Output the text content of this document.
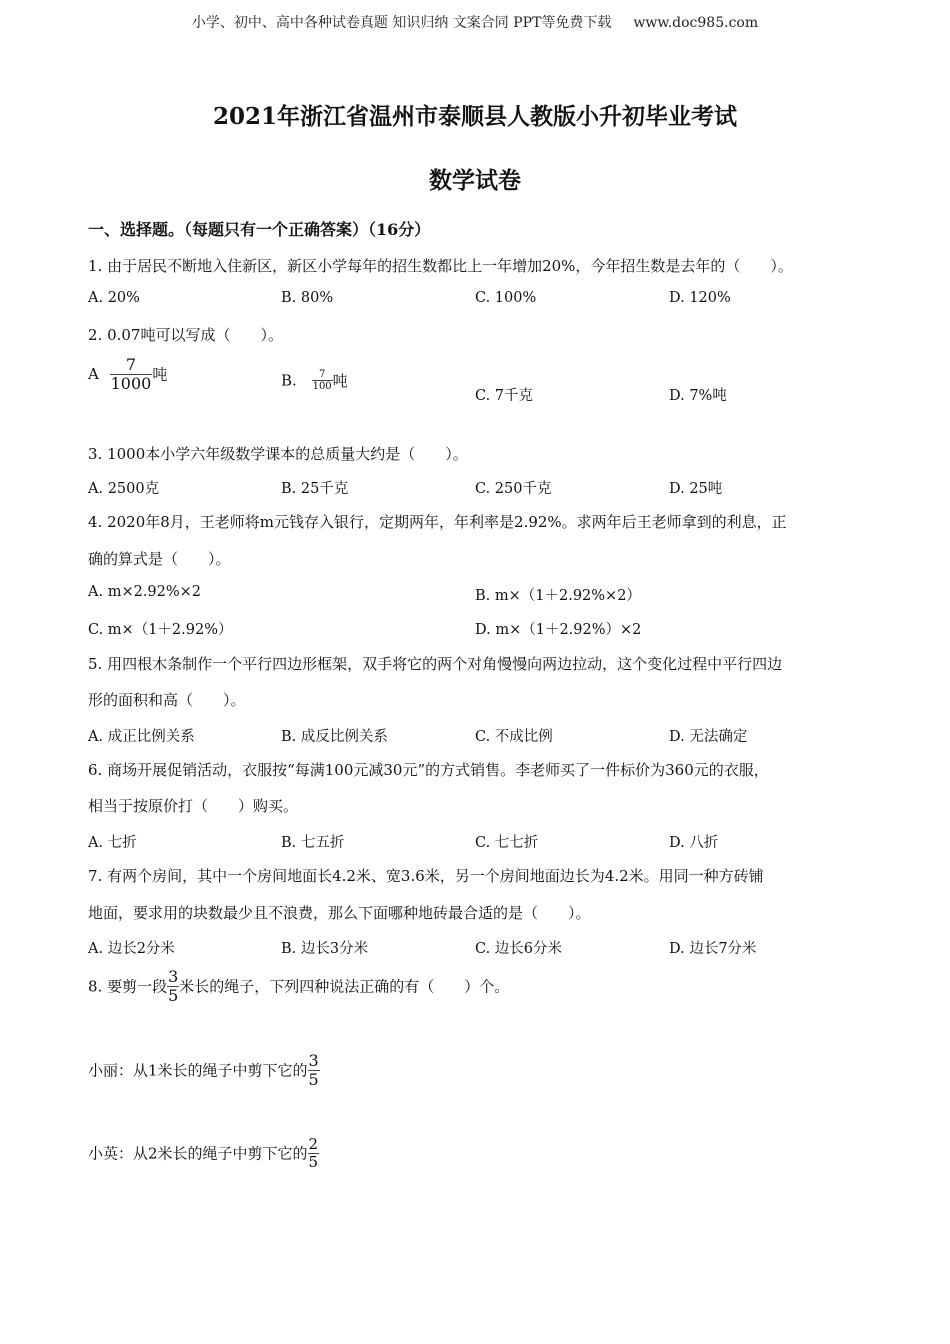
小学、初中、高中各种试卷真题 知识归纳 文案合同 PPT等免费下载 www.doc985.com
2021年浙江省温州市泰顺县人教版小升初毕业考试
数学试卷
一、选择题。（每题只有一个正确答案）（16分）
1. 由于居民不断地入住新区，新区小学每年的招生数都比上一年增加20%，今年招生数是去年的（　　）。
A. 20%	B. 80%	C. 100%	D. 120%
2. 0.07吨可以写成（　　）。
A $\frac{7}{1000}$ 吨	B. $\frac{7}{100}$ 吨
C. 7千克	D. 7%吨
3. 1000本小学六年级数学课本的总质量大约是（　　）。
A. 2500克	B. 25千克	C. 250千克	D. 25吨
4. 2020年8月，王老师将m元钱存入银行，定期两年，年利率是2.92%。求两年后王老师拿到的利息，正
确的算式是（　　）。
A. m×2.92%×2	B. m×（1＋2.92%×2）
C. m×（1＋2.92%）	D. m×（1＋2.92%）×2
5. 用四根木条制作一个平行四边形框架，双手将它的两个对角慢慢向两边拉动，这个变化过程中平行四边
形的面积和高（　　）。
A. 成正比例关系	B. 成反比例关系	C. 不成比例	D. 无法确定
6. 商场开展促销活动，衣服按“每满100元减30元”的方式销售。李老师买了一件标价为360元的衣服，
相当于按原价打（　　）购买。
A. 七折	B. 七五折	C. 七七折	D. 八折
7. 有两个房间，其中一个房间地面长4.2米、宽3.6米，另一个房间地面边长为4.2米。用同一种方砖铺
地面，要求用的块数最少且不浪费，那么下面哪种地砖最合适的是（　　）。
A. 边长2分米	B. 边长3分米	C. 边长6分米	D. 边长7分米
8. 要剪一段 $\frac{3}{5}$ 米长的绳子，下列四种说法正确的有（　　）个。
小丽：从1米长的绳子中剪下它的 $\frac{3}{5}$
小英：从2米长的绳子中剪下它的 $\frac{2}{5}$
